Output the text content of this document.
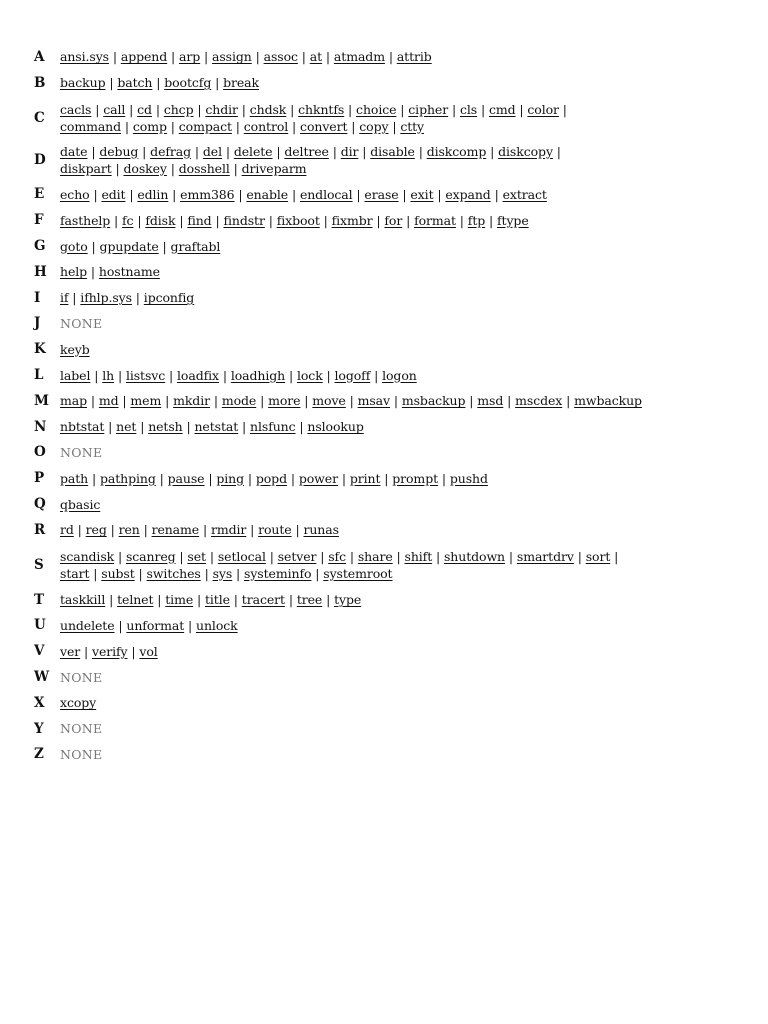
A	ansi.sys | append | arp | assign | assoc | at | atmadm | attrib
B	backup | batch | bootcfg | break
C
cacls | call | cd | chcp | chdir | chdsk | chkntfs | choice | cipher | cls | cmd | color |
command | comp | compact | control | convert | copy | ctty
D
date | debug | defrag | del | delete | deltree | dir | disable | diskcomp | diskcopy |
diskpart | doskey | dosshell | driveparm
E	echo | edit | edlin | emm386 | enable | endlocal | erase | exit | expand | extract
F	fasthelp | fc | fdisk | find | findstr | fixboot | fixmbr | for | format | ftp | ftype
G	goto | gpupdate | graftabl
H	help | hostname
I	if | ifhlp.sys | ipconfig
J	NONE
K	keyb
L	label | lh | listsvc | loadfix | loadhigh | lock | logoff | logon
M map | md | mem | mkdir | mode | more | move | msav | msbackup | msd | mscdex | mwbackup
N	nbtstat | net | netsh | netstat | nlsfunc | nslookup
O	NONE
P	path | pathping | pause | ping | popd | power | print | prompt | pushd
Q	qbasic
R	rd | reg | ren | rename | rmdir | route | runas
S
scandisk | scanreg | set | setlocal | setver | sfc | share | shift | shutdown | smartdrv | sort |
start | subst | switches | sys | systeminfo | systemroot
T	taskkill | telnet | time | title | tracert | tree | type
U	undelete | unformat | unlock
V	ver | verify | vol
W NONE
X	xcopy
Y	NONE
Z	NONE
